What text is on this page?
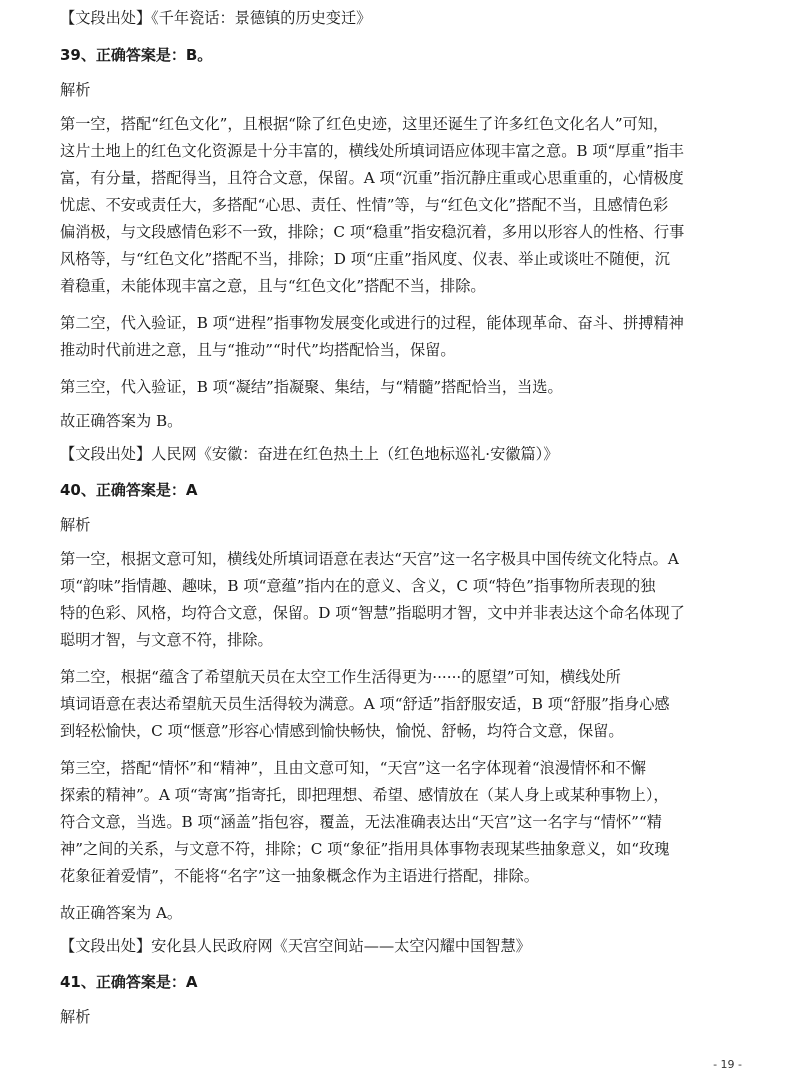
【文段出处】《千年瓷话：景德镇的历史变迁》
39、正确答案是：B。
解析
第一空，搭配“红色文化”，且根据“除了红色史迹，这里还诞生了许多红色文化名人”可知，
这片土地上的红色文化资源是十分丰富的，横线处所填词语应体现丰富之意。B 项“厚重”指丰
富，有分量，搭配得当，且符合文意，保留。A 项“沉重”指沉静庄重或心思重重的，心情极度
忧虑、不安或责任大，多搭配“心思、责任、性情”等，与“红色文化”搭配不当，且感情色彩
偏消极，与文段感情色彩不一致，排除；C 项“稳重”指安稳沉着，多用以形容人的性格、行事
风格等，与“红色文化”搭配不当，排除；D 项“庄重”指风度、仪表、举止或谈吐不随便，沉
着稳重，未能体现丰富之意，且与“红色文化”搭配不当，排除。
第二空，代入验证，B 项“进程”指事物发展变化或进行的过程，能体现革命、奋斗、拼搏精神
推动时代前进之意，且与“推动”“时代”均搭配恰当，保留。
第三空，代入验证，B 项“凝结”指凝聚、集结，与“精髓”搭配恰当，当选。
故正确答案为 B。
【文段出处】人民网《安徽：奋进在红色热土上（红色地标巡礼·安徽篇）》
40、正确答案是：A
解析
第一空，根据文意可知，横线处所填词语意在表达“天宫”这一名字极具中国传统文化特点。A
项“韵味”指情趣、趣味，B 项“意蕴”指内在的意义、含义，C 项“特色”指事物所表现的独
特的色彩、风格，均符合文意，保留。D 项“智慧”指聪明才智，文中并非表达这个命名体现了
聪明才智，与文意不符，排除。
第二空，根据“蕴含了希望航天员在太空工作生活得更为······的愿望”可知，横线处所
填词语意在表达希望航天员生活得较为满意。A 项“舒适”指舒服安适，B 项“舒服”指身心感
到轻松愉快，C 项“惬意”形容心情感到愉快畅快，愉悦、舒畅，均符合文意，保留。
第三空，搭配“情怀”和“精神”，且由文意可知，“天宫”这一名字体现着“浪漫情怀和不懈
探索的精神”。A 项“寄寓”指寄托，即把理想、希望、感情放在（某人身上或某种事物上），
符合文意，当选。B 项“涵盖”指包容，覆盖，无法准确表达出“天宫”这一名字与“情怀”“精
神”之间的关系，与文意不符，排除；C 项“象征”指用具体事物表现某些抽象意义，如“玫瑰
花象征着爱情”，不能将“名字”这一抽象概念作为主语进行搭配，排除。
故正确答案为 A。
【文段出处】安化县人民政府网《天宫空间站——太空闪耀中国智慧》
41、正确答案是：A
解析
- 19 -
